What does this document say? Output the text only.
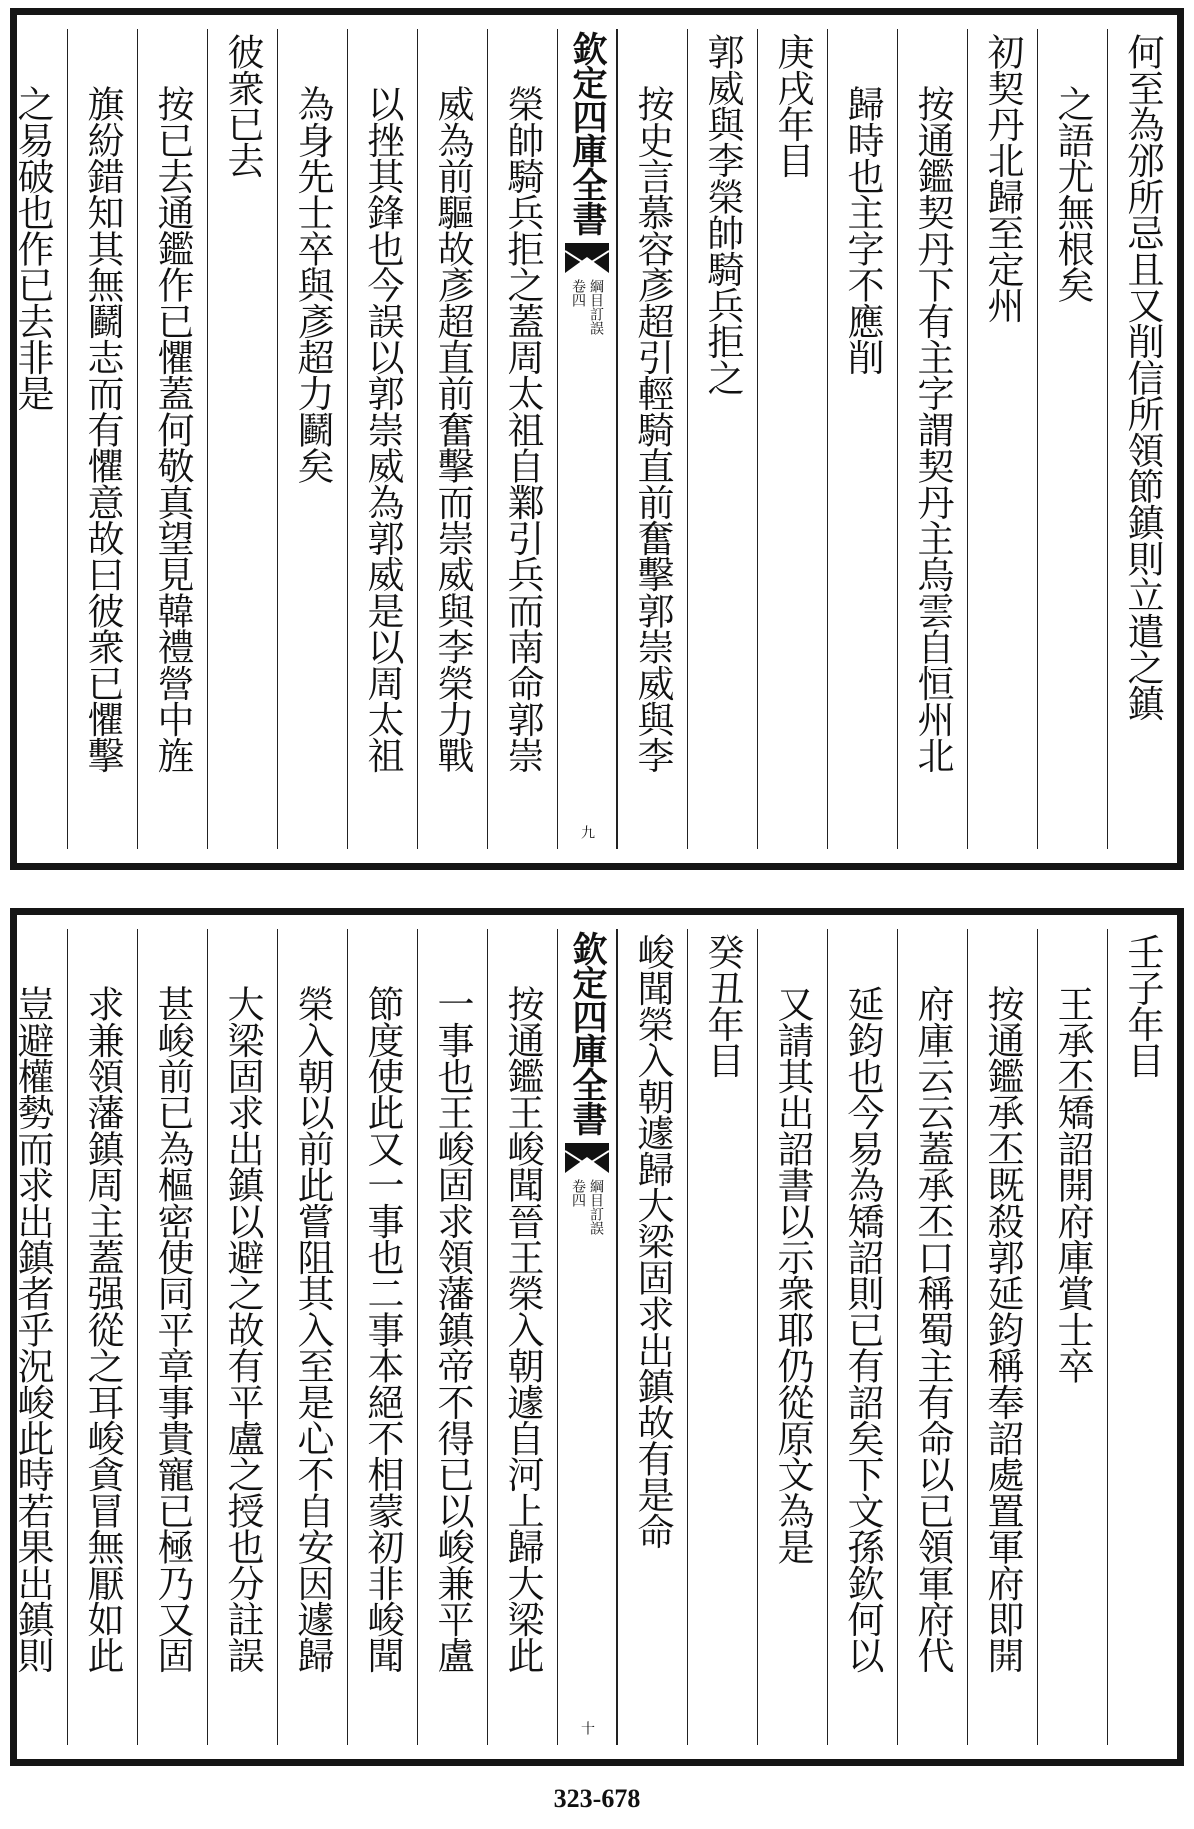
何至為邠所忌且又削信所領節鎮則立遣之鎮
之語尤無根矣
初契丹北歸至定州
按通鑑契丹下有主字謂契丹主烏雲自恒州北
歸時也主字不應削
庚戌年目
郭威與李榮帥騎兵拒之
按史言慕容彥超引輕騎直前奮擊郭崇威與李
欽定四庫全書
綱目訂誤
卷四
九
榮帥騎兵拒之蓋周太祖自鄴引兵而南命郭崇
威為前驅故彥超直前奮擊而崇威與李榮力戰
以挫其鋒也今誤以郭崇威為郭威是以周太祖
為身先士卒與彥超力鬬矣
彼衆已去
按已去通鑑作已懼蓋何敬真望見韓禮營中旌
旗紛錯知其無鬬志而有懼意故曰彼衆已懼擊
之易破也作已去非是
壬子年目
王承丕矯詔開府庫賞士卒
按通鑑承丕既殺郭延鈞稱奉詔處置軍府即開
府庫云云蓋承丕口稱蜀主有命以已領軍府代
延鈞也今易為矯詔則已有詔矣下文孫欽何以
又請其出詔書以示衆耶仍從原文為是
癸丑年目
峻聞榮入朝遽歸大梁固求出鎮故有是命
欽定四庫全書
綱目訂誤
卷四
十
按通鑑王峻聞晉王榮入朝遽自河上歸大梁此
一事也王峻固求領藩鎮帝不得已以峻兼平盧
節度使此又一事也二事本絕不相蒙初非峻聞
榮入朝以前此嘗阻其入至是心不自安因遽歸
大梁固求出鎮以避之故有平盧之授也分註誤
甚峻前已為樞密使同平章事貴寵已極乃又固
求兼領藩鎮周主蓋强從之耳峻貪冒無厭如此
豈避權勢而求出鎮者乎況峻此時若果出鎮則
323-678
